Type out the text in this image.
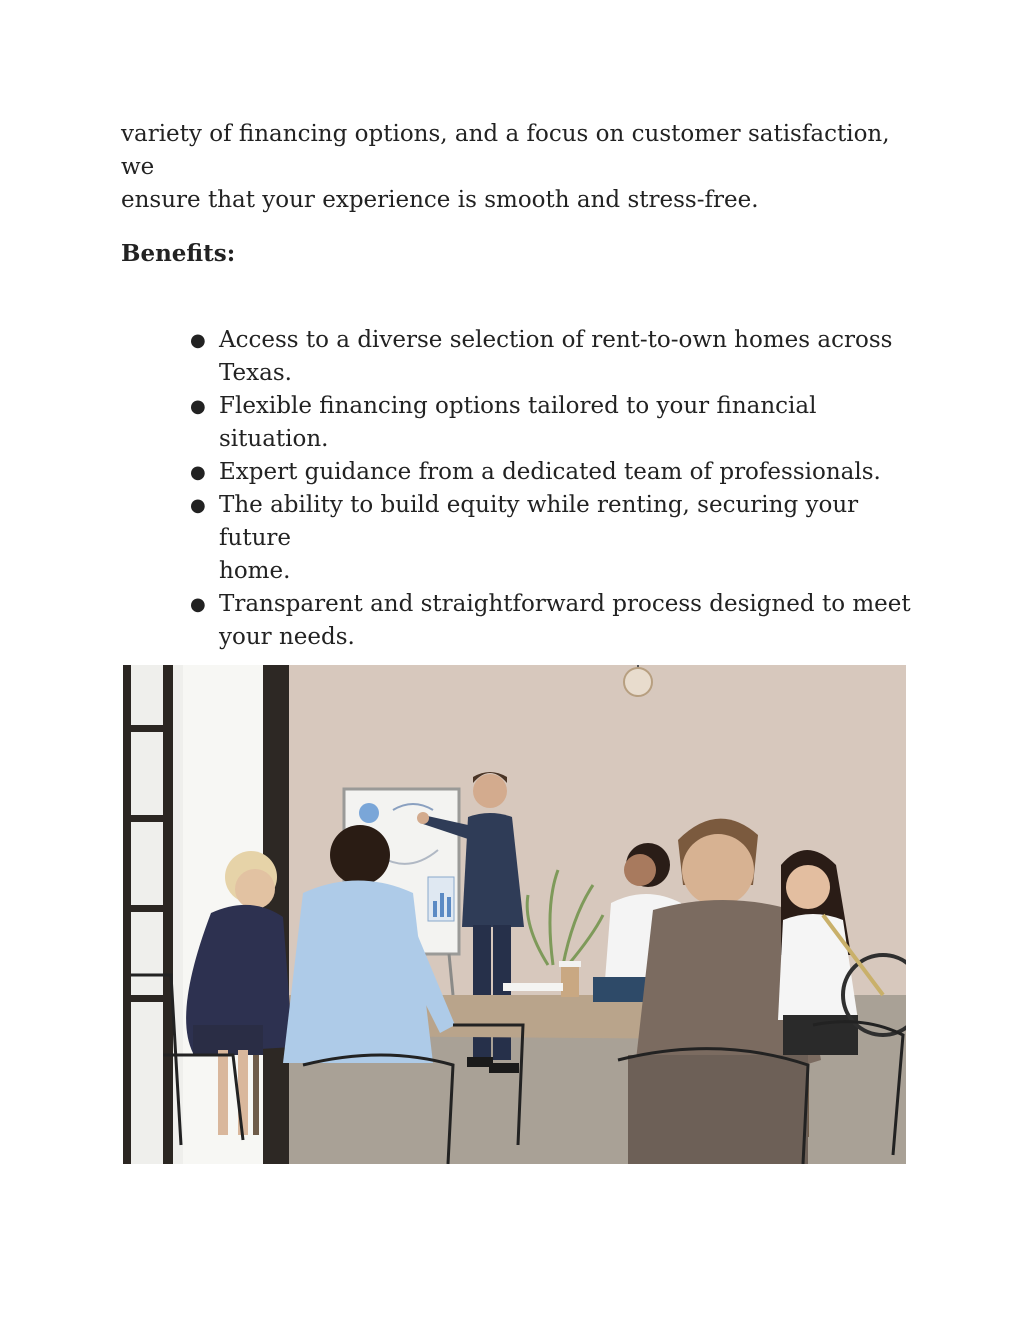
variety of financing options, and a focus on customer satisfaction, we
ensure that your experience is smooth and stress-free.

Benefits:
● Access to a diverse selection of rent-to-own homes across
Texas.
● Flexible financing options tailored to your financial situation.
● Expert guidance from a dedicated team of professionals.
● The ability to build equity while renting, securing your future
home.
● Transparent and straightforward process designed to meet
your needs.
